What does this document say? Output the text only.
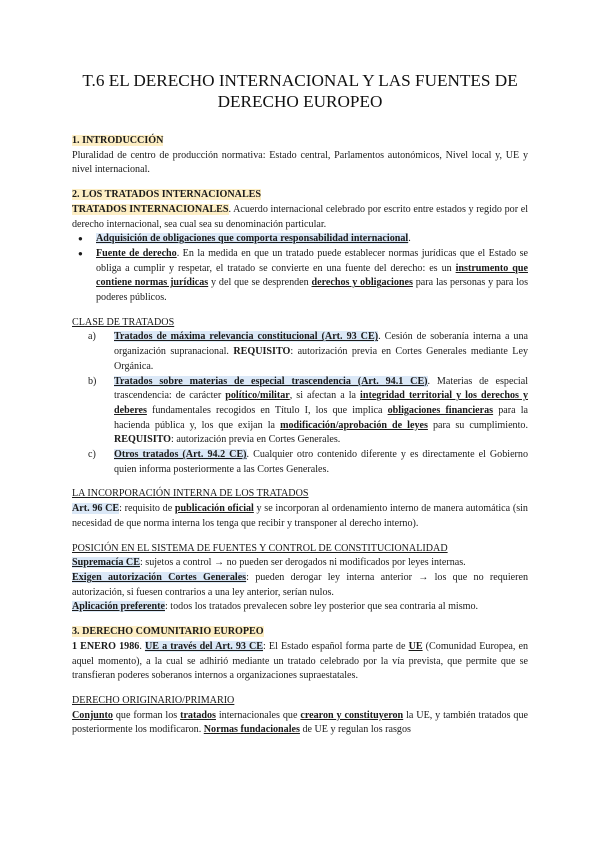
T.6 EL DERECHO INTERNACIONAL Y LAS FUENTES DE DERECHO EUROPEO
1. INTRODUCCIÓN

Pluralidad de centro de producción normativa: Estado central, Parlamentos autonómicos, Nivel local y, UE y nivel internacional.

2. LOS TRATADOS INTERNACIONALES

TRATADOS INTERNACIONALES. Acuerdo internacional celebrado por escrito entre estados y regido por el derecho internacional, sea cual sea su denominación particular.

● Adquisición de obligaciones que comporta responsabilidad internacional.
● Fuente de derecho. En la medida en que un tratado puede establecer normas jurídicas que el Estado se obliga a cumplir y respetar, el tratado se convierte en una fuente del derecho: es un instrumento que contiene normas jurídicas y del que se desprenden derechos y obligaciones para las personas y para los poderes públicos.
CLASE DE TRATADOS
a) Tratados de máxima relevancia constitucional (Art. 93 CE). Cesión de soberanía interna a una organización supranacional. REQUISITO: autorización previa en Cortes Generales mediante Ley Orgánica.
b) Tratados sobre materias de especial trascendencia (Art. 94.1 CE). Materias de especial trascendencia: de carácter político/militar, si afectan a la integridad territorial y los derechos y deberes fundamentales recogidos en Título I, los que implica obligaciones financieras para la hacienda pública y, los que exijan la modificación/aprobación de leyes para su cumplimiento. REQUISITO: autorización previa en Cortes Generales.
c) Otros tratados (Art. 94.2 CE). Cualquier otro contenido diferente y es directamente el Gobierno quien informa posteriormente a las Cortes Generales.
LA INCORPORACIÓN INTERNA DE LOS TRATADOS

Art. 96 CE: requisito de publicación oficial y se incorporan al ordenamiento interno de manera automática (sin necesidad de que norma interna los tenga que recibir y transponer al derecho interno).

POSICIÓN EN EL SISTEMA DE FUENTES Y CONTROL DE CONSTITUCIONALIDAD

Supremacía CE: sujetos a control → no pueden ser derogados ni modificados por leyes internas.

Exigen autorización Cortes Generales: pueden derogar ley interna anterior → los que no requieren autorización, si fuesen contrarios a una ley anterior, serían nulos.

Aplicación preferente: todos los tratados prevalecen sobre ley posterior que sea contraria al mismo.

3. DERECHO COMUNITARIO EUROPEO

1 ENERO 1986. UE a través del Art. 93 CE: El Estado español forma parte de UE (Comunidad Europea, en aquel momento), a la cual se adhirió mediante un tratado celebrado por la vía prevista, que permite que se transfieran poderes soberanos internos a organizaciones supraestatales.

DERECHO ORIGINARIO/PRIMARIO

Conjunto que forman los tratados internacionales que crearon y constituyeron la UE, y también tratados que posteriormente los modificaron. Normas fundacionales de UE y regulan los rasgos
